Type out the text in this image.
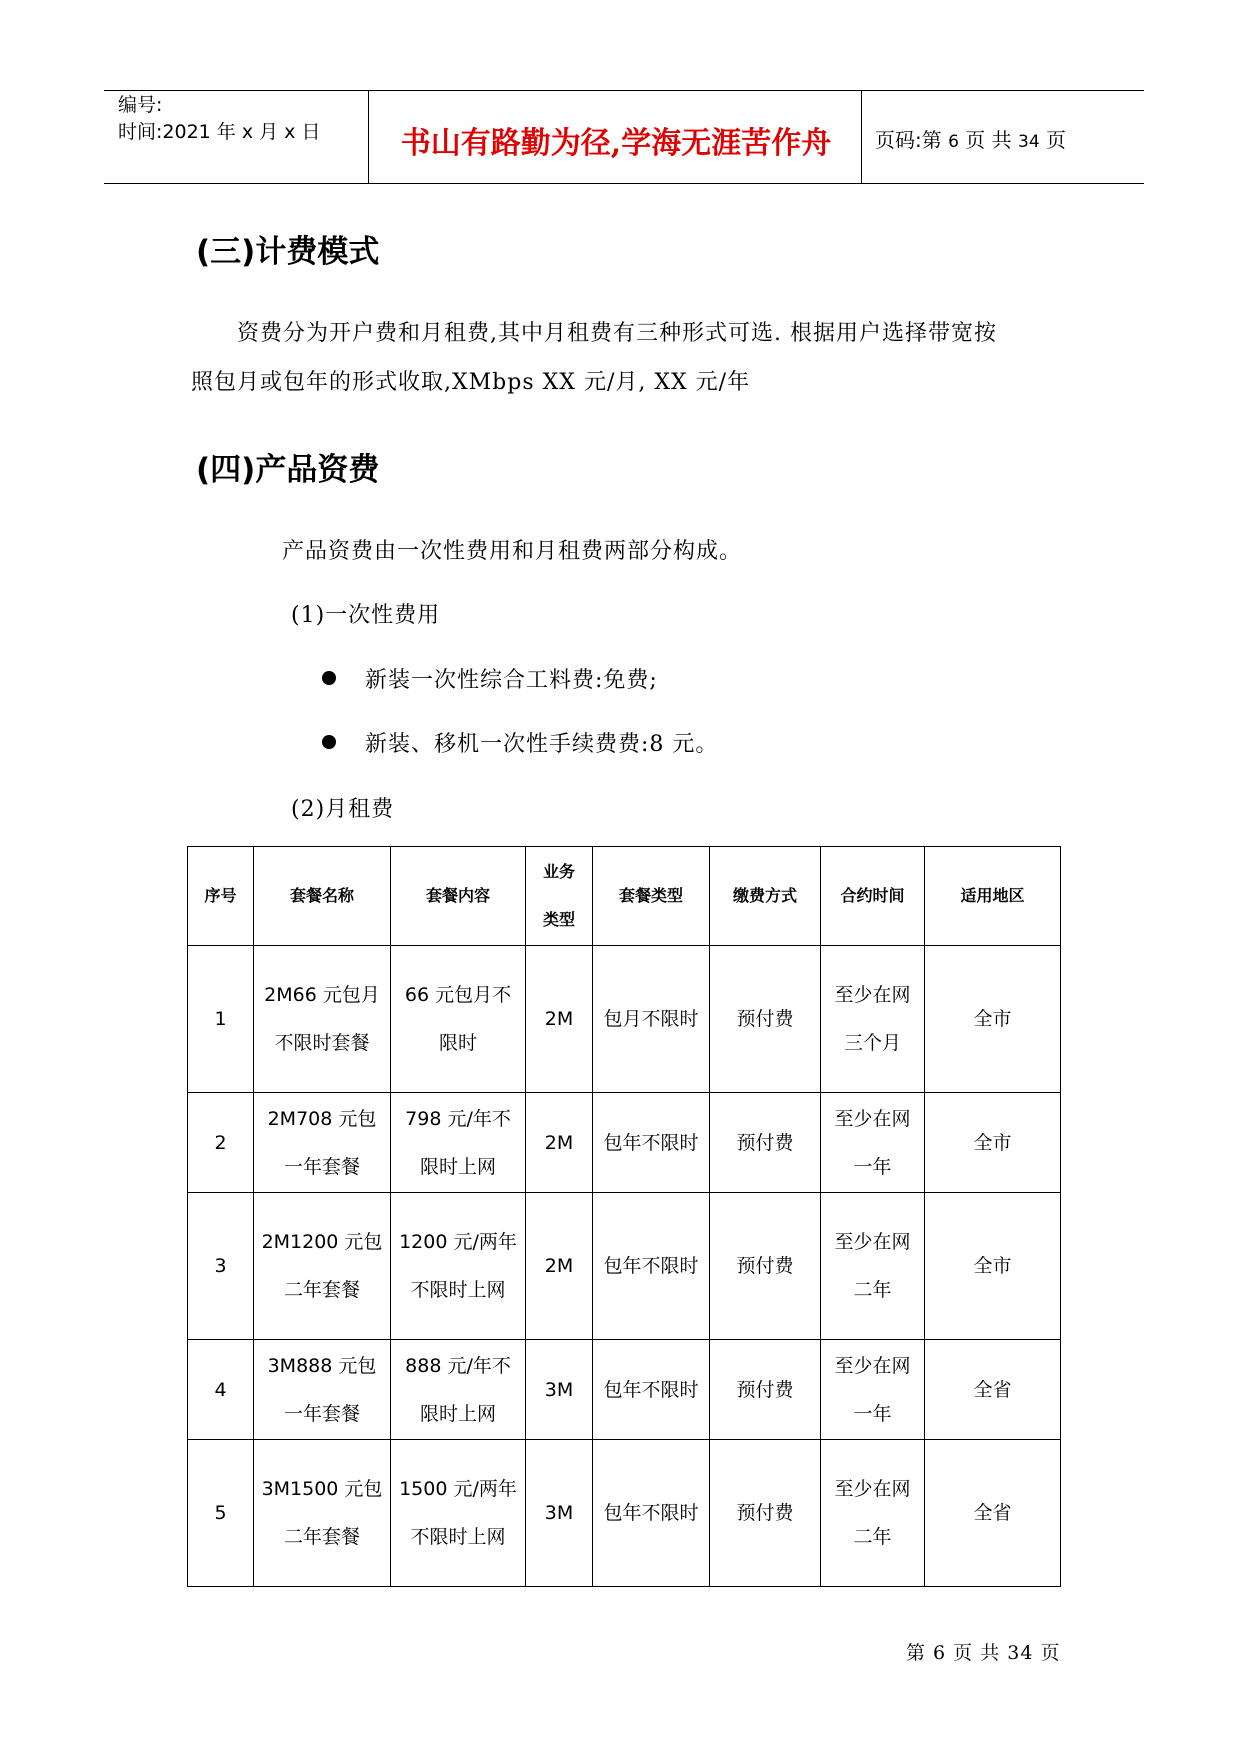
编号:
时间:2021 年 x 月 x 日	书山有路勤为径,学海无涯苦作舟	页码:第 6 页 共 34 页
(三)计费模式
资费分为开户费和月租费,其中月租费有三种形式可选. 根据用户选择带宽按
照包月或包年的形式收取,XMbps XX 元/月, XX 元/年
(四)产品资费
产品资费由一次性费用和月租费两部分构成。
(1)一次性费用
新装一次性综合工料费:免费;
新装、移机一次性手续费费:8 元。
(2)月租费
序号	套餐名称	套餐内容	业务类型	套餐类型	缴费方式	合约时间	适用地区
1	2M66 元包月不限时套餐	66 元包月不限时	2M	包月不限时	预付费	至少在网三个月	全市
2	2M708 元包一年套餐	798 元/年不限时上网	2M	包年不限时	预付费	至少在网一年	全市
3	2M1200 元包二年套餐	1200 元/两年不限时上网	2M	包年不限时	预付费	至少在网二年	全市
4	3M888 元包一年套餐	888 元/年不限时上网	3M	包年不限时	预付费	至少在网一年	全省
5	3M1500 元包二年套餐	1500 元/两年不限时上网	3M	包年不限时	预付费	至少在网二年	全省
第 6 页 共 34 页
